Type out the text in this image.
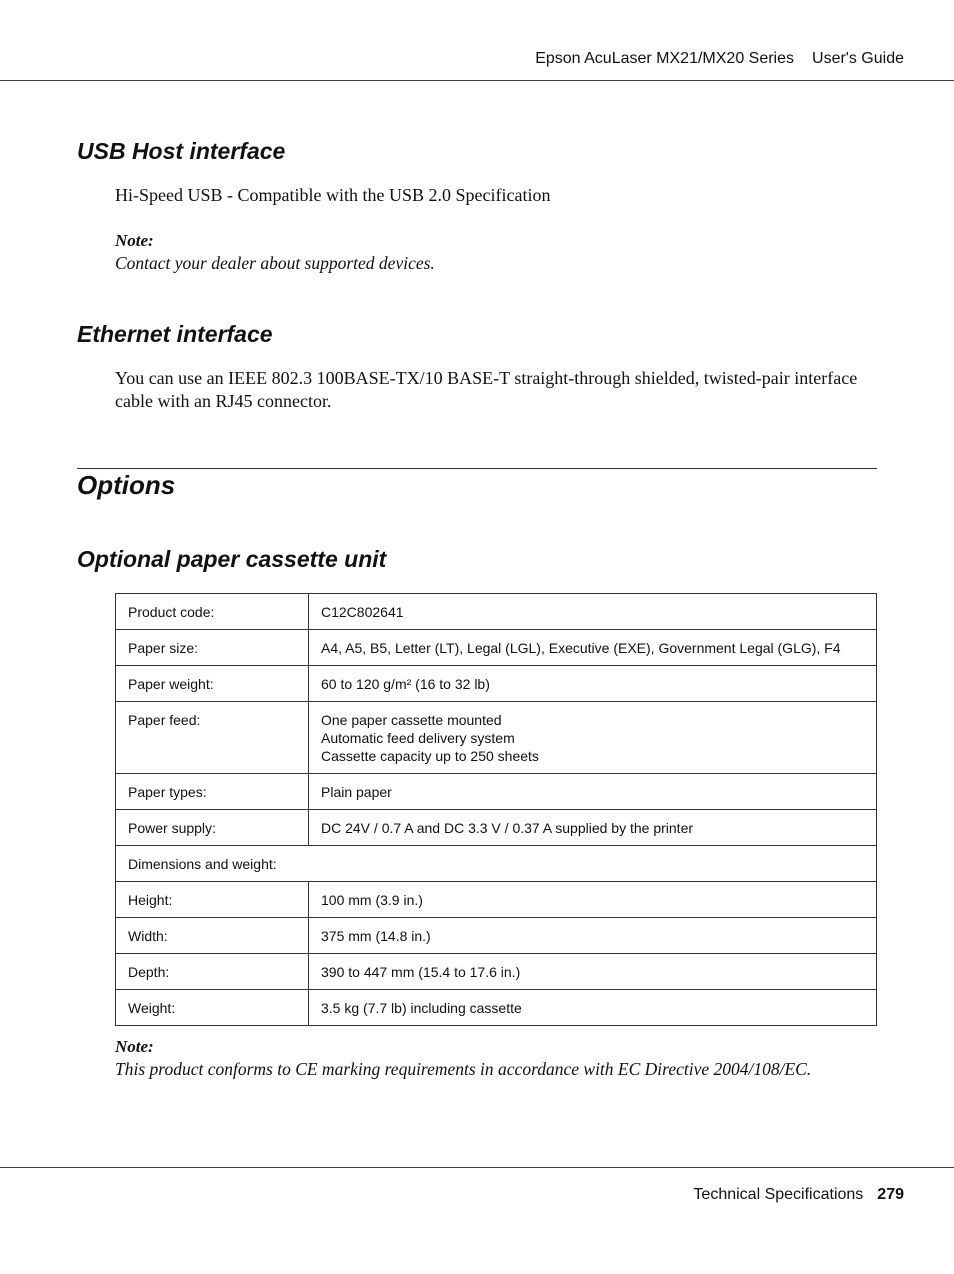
Epson AcuLaser MX21/MX20 Series User's Guide
USB Host interface

Hi-Speed USB - Compatible with the USB 2.0 Specification

Note:

Contact your dealer about supported devices.

Ethernet interface

You can use an IEEE 802.3 100BASE-TX/10 BASE-T straight-through shielded, twisted-pair interface cable with an RJ45 connector.

Options
Optional paper cassette unit
Product code:	C12C802641
Paper size:	A4, A5, B5, Letter (LT), Legal (LGL), Executive (EXE), Government Legal (GLG), F4
Paper weight:	60 to 120 g/m² (16 to 32 lb)
Paper feed:	One paper cassette mounted
Automatic feed delivery system
Cassette capacity up to 250 sheets

Paper types:	Plain paper
Power supply:	DC 24V / 0.7 A and DC 3.3 V / 0.37 A supplied by the printer
Dimensions and weight:	
Height:	100 mm (3.9 in.)
Width:	375 mm (14.8 in.)
Depth:	390 to 447 mm (15.4 to 17.6 in.)
Weight:	3.5 kg (7.7 lb) including cassette

Note:

This product conforms to CE marking requirements in accordance with EC Directive 2004/108/EC.

Technical Specifications 279
